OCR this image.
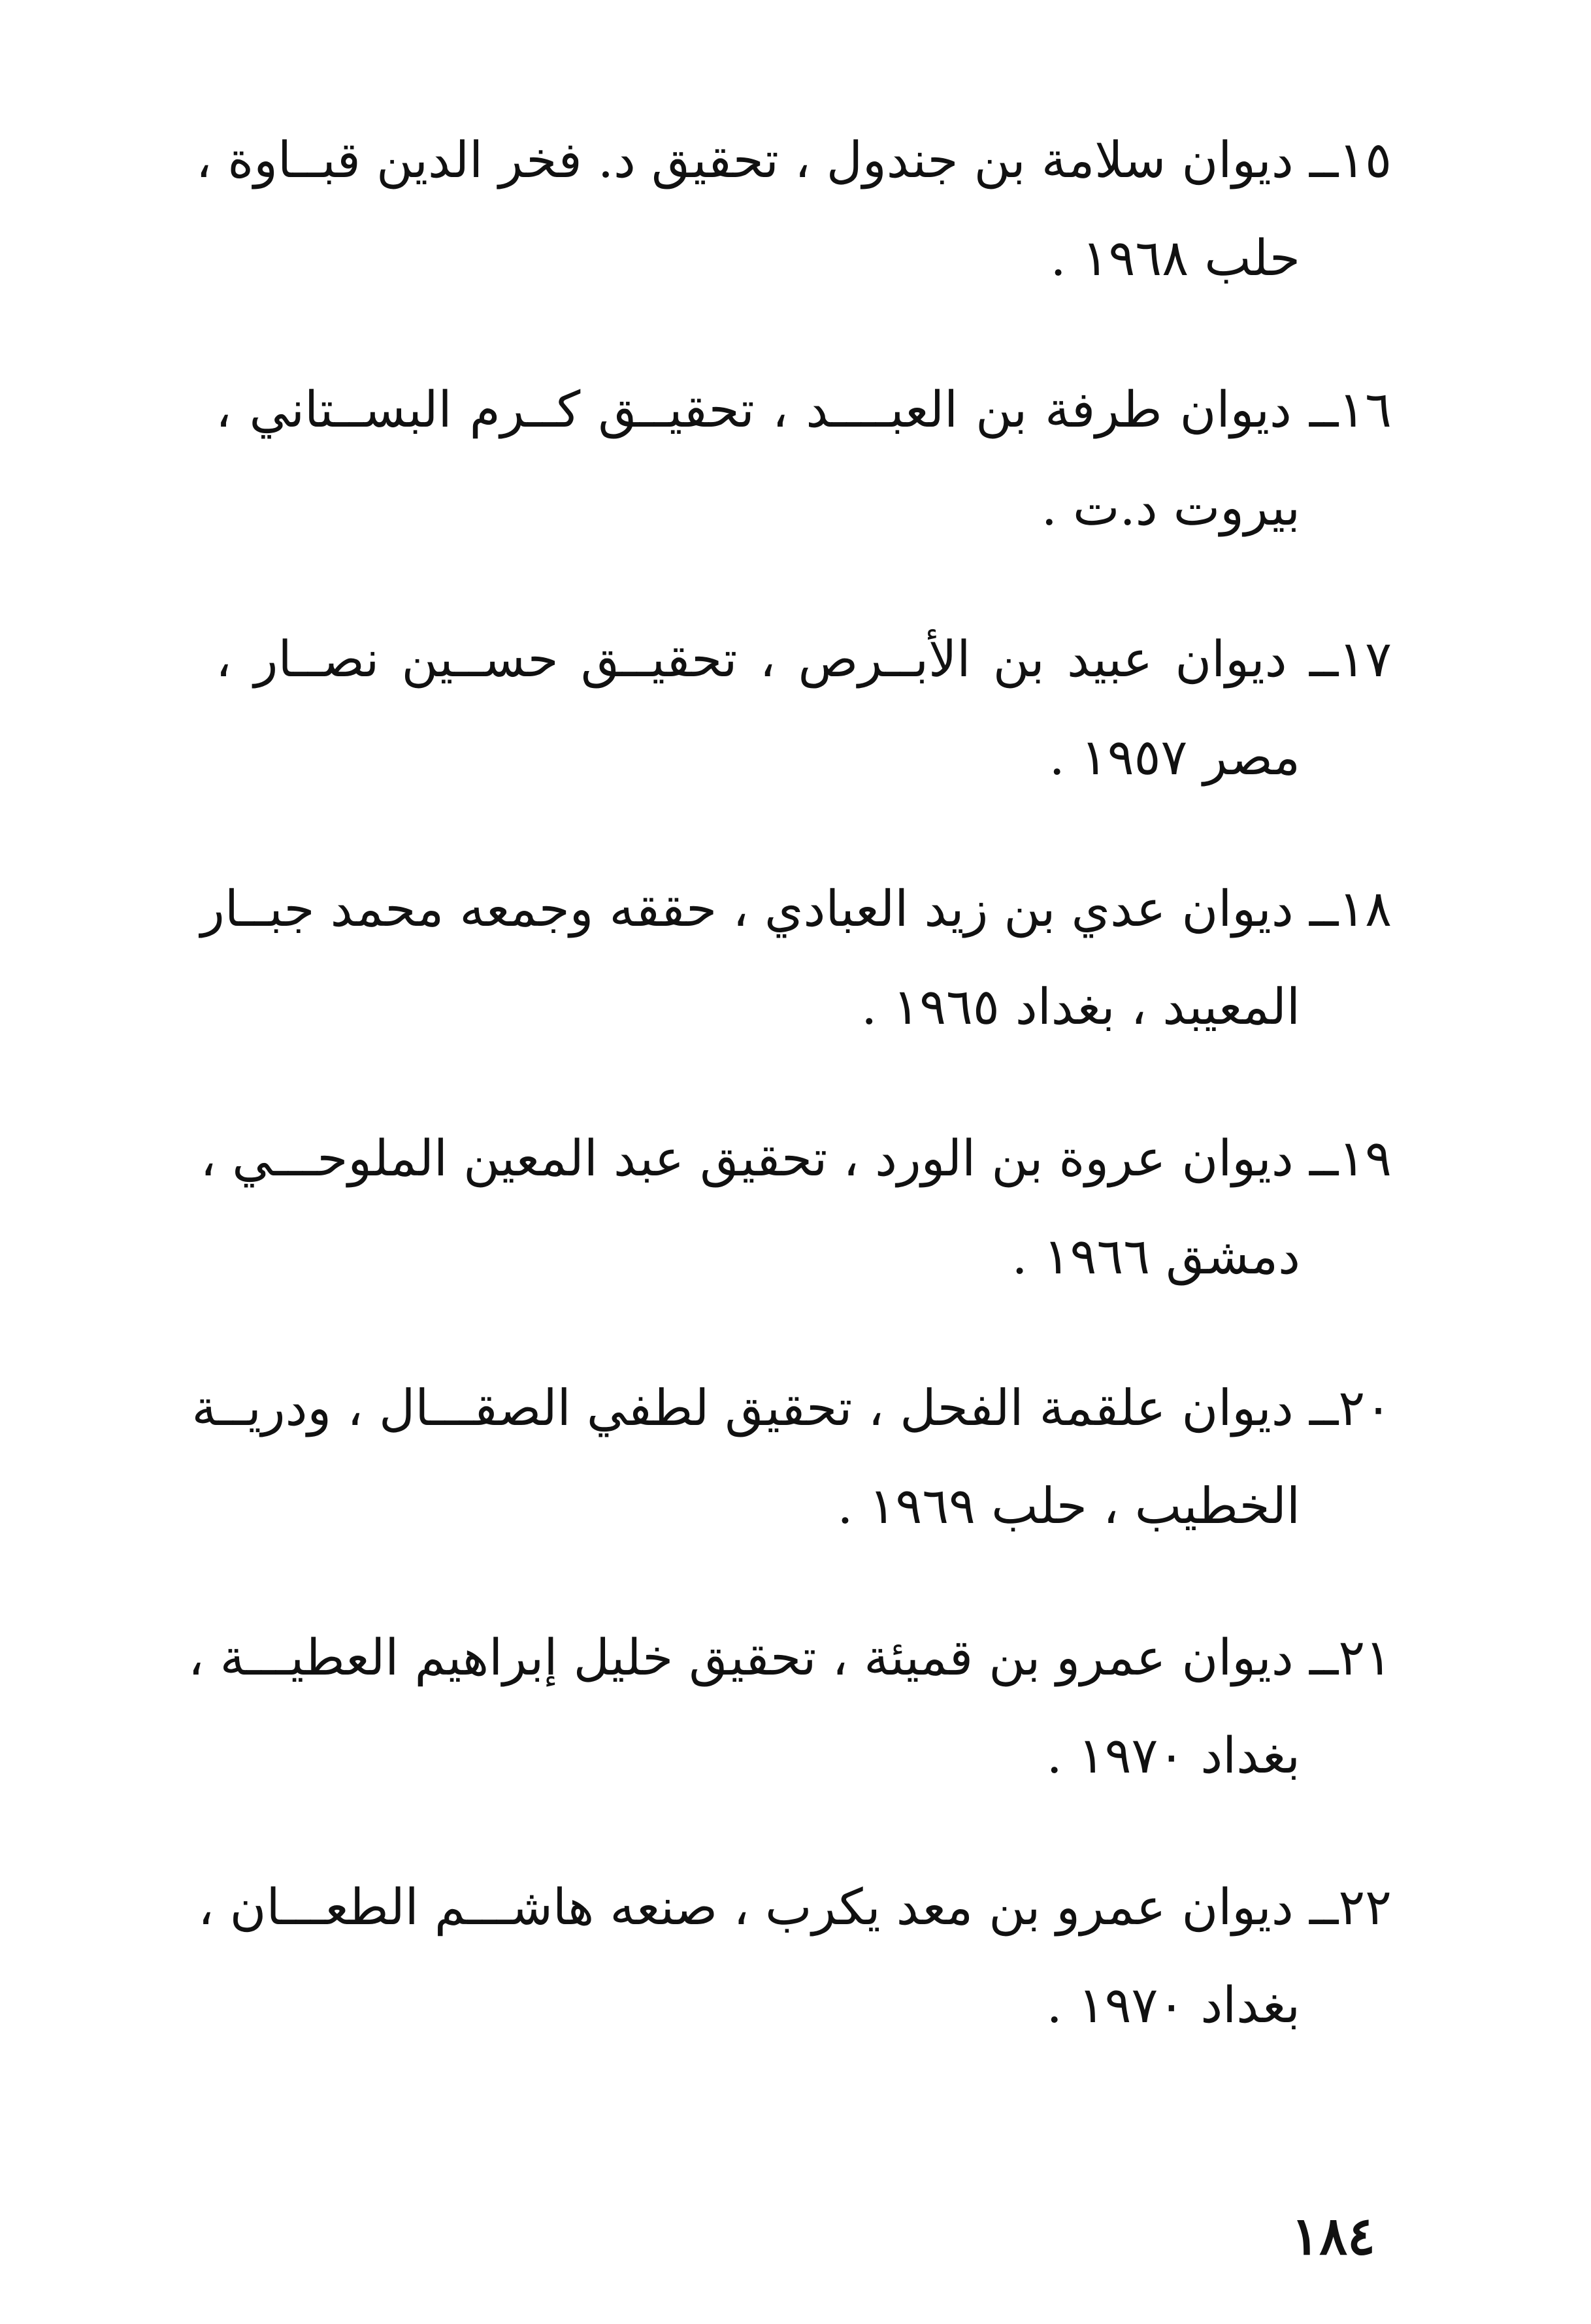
١٥ــ ديوان سلامة بن جندول ، تحقيق د. فخر الدين قبــاوة ،
حلب ١٩٦٨ .
١٦ــ ديوان طرفة بن العبــــد ، تحقيــق كــرم البســتاني ،
بيروت د.ت .
١٧ــ ديوان عبيد بن الأبــرص ، تحقيــق حســين نصــار ،
مصر ١٩٥٧ .
١٨ــ ديوان عدي بن زيد العبادي ، حققه وجمعه محمد جبــار
المعيبد ، بغداد ١٩٦٥ .
١٩ــ ديوان عروة بن الورد ، تحقيق عبد المعين الملوحـــي ،
دمشق ١٩٦٦ .
٢٠ــ ديوان علقمة الفحل ، تحقيق لطفي الصقـــال ، ودريــة
الخطيب ، حلب ١٩٦٩ .
٢١ــ ديوان عمرو بن قميئة ، تحقيق خليل إبراهيم العطيـــة ،
بغداد ١٩٧٠ .
٢٢ــ ديوان عمرو بن معد يكرب ، صنعه هاشـــم الطعـــان ،
بغداد ١٩٧٠ .
١٨٤
